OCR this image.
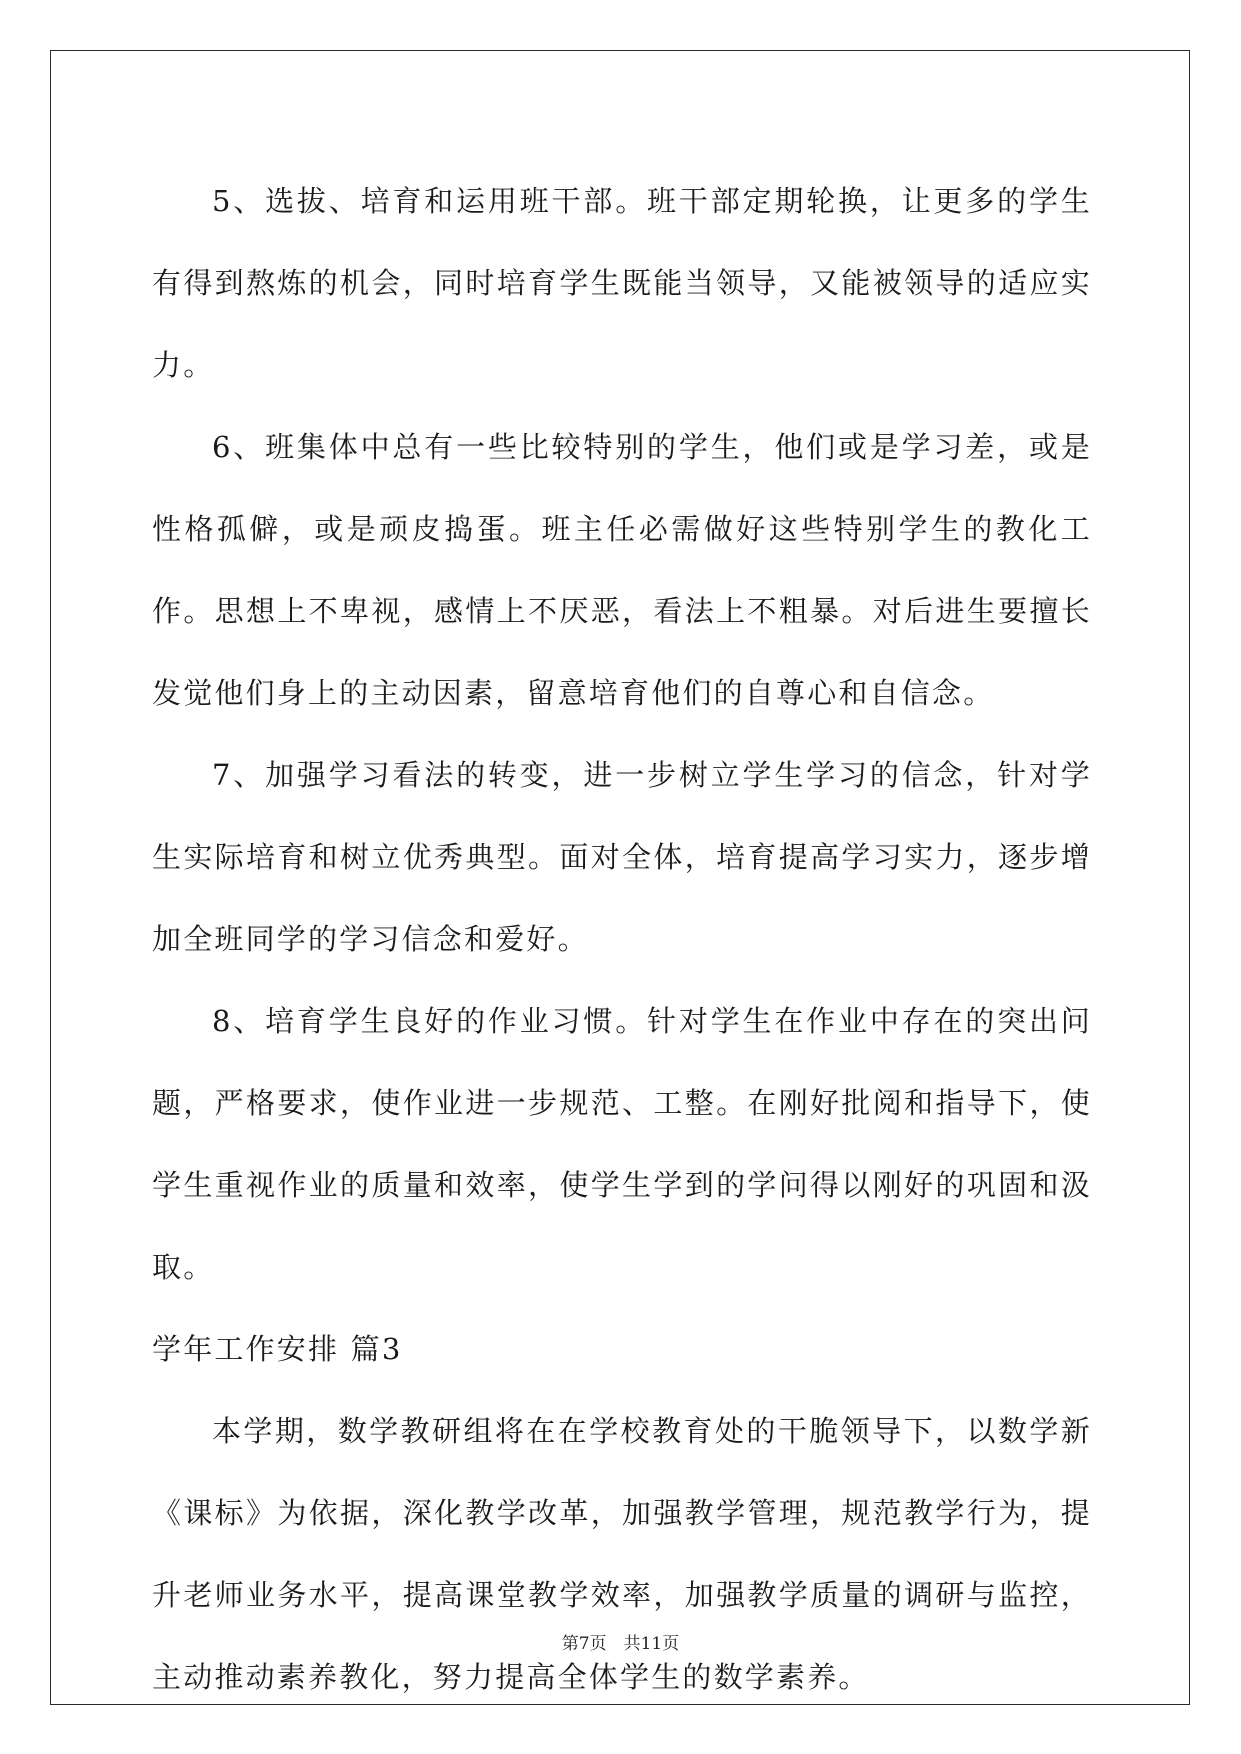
5、选拔、培育和运用班干部。班干部定期轮换，让更多的学生有得到熬炼的机会，同时培育学生既能当领导，又能被领导的适应实力。

6、班集体中总有一些比较特别的学生，他们或是学习差，或是性格孤僻，或是顽皮捣蛋。班主任必需做好这些特别学生的教化工作。思想上不卑视，感情上不厌恶，看法上不粗暴。对后进生要擅长发觉他们身上的主动因素，留意培育他们的自尊心和自信念。

7、加强学习看法的转变，进一步树立学生学习的信念，针对学生实际培育和树立优秀典型。面对全体，培育提高学习实力，逐步增加全班同学的学习信念和爱好。

8、培育学生良好的作业习惯。针对学生在作业中存在的突出问题，严格要求，使作业进一步规范、工整。在刚好批阅和指导下，使学生重视作业的质量和效率，使学生学到的学问得以刚好的巩固和汲取。

学年工作安排 篇3

本学期，数学教研组将在在学校教育处的干脆领导下，以数学新《课标》为依据，深化教学改革，加强教学管理，规范教学行为，提升老师业务水平，提高课堂教学效率，加强教学质量的调研与监控，主动推动素养教化，努力提高全体学生的数学素养。

第7页　共11页
